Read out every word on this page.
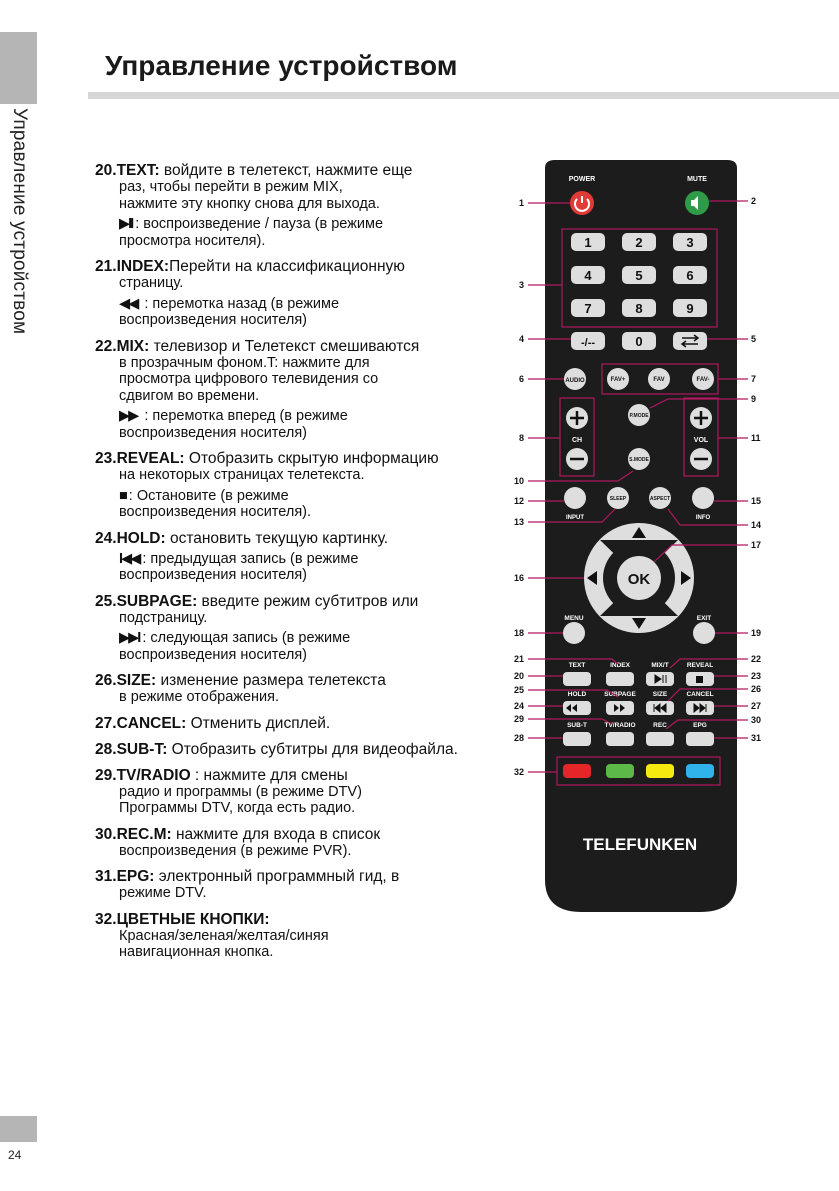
Управление устройством
Управление устройством

20.TEXT: войдите в телетекст, нажмите еще

раз, чтобы перейти в режим MIX,

нажмите эту кнопку снова для выхода.

▶II : воспроизведение / пауза (в режиме

просмотра носителя).

21.INDEX:Перейти на классификационную

страницу.

◀◀ : перемотка назад (в режиме

воспроизведения носителя)

22.MIX: телевизор и Телетекст смешиваются

в прозрачным фоном.T: нажмите для

просмотра цифрового телевидения со

сдвигом во времени.

▶▶ : перемотка вперед (в режиме

воспроизведения носителя)

23.REVEAL: Отобразить скрытую информацию

на некоторых страницах телетекста.

■ : Остановите (в режиме

воспроизведения носителя).

24.HOLD: остановить текущую картинку.

I◀◀ : предыдущая запись (в режиме

воспроизведения носителя)

25.SUBPAGE: введите режим субтитров или

подстраницу.

▶▶I : следующая запись (в режиме

воспроизведения носителя)

26.SIZE: изменение размера телетекста

в режиме отображения.

27.CANCEL: Отменить дисплей.

28.SUB-T: Отобразить субтитры для видеофайла.

29.TV/RADIO : нажмите для смены

радио и программы (в режиме DTV)

Программы DTV, когда есть радио.

30.REC.M: нажмите для входа в список

воспроизведения (в режиме PVR).

31.EPG: электронный программный гид, в

режиме DTV.

32.ЦВЕТНЫЕ КНОПКИ:

Красная/зеленая/желтая/синяя

навигационная кнопка.

POWER	MUTE
1	2	3
4	5	6
7	8	9
-/--	0
AUDIO	FAV+	FAV	FAV-
CH	VOL
P.MODE
S.MODE
INPUT
SLEEP	ASPECT
INFO
OK
MENU	EXIT
TEXT	INDEX	MIX/T	REVEAL
HOLD	SUBPAGE	SIZE	CANCEL
SUB-T	TV/RADIO	REC	EPG
TELEFUNKEN
1
3
4
6
8
10
12
13
16
18
21
20
25
24
29
28
32
2
5
7
9
11
15
14
17
19
22
23
26
27
30
31
24
